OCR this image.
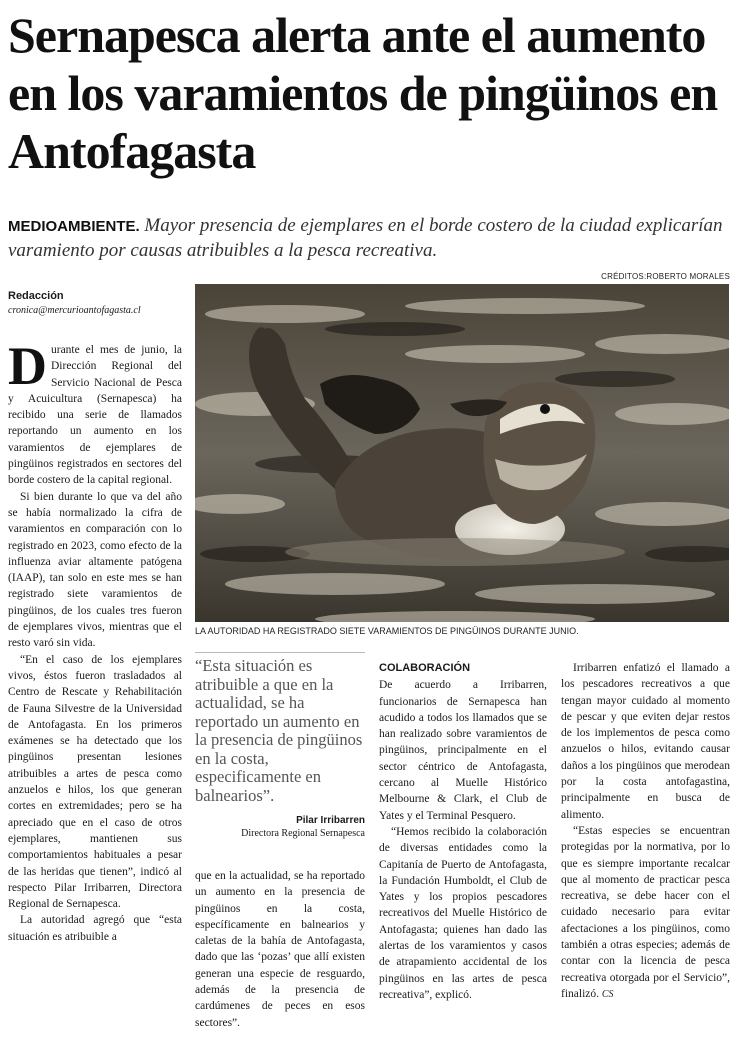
Sernapesca alerta ante el aumento en los varamientos de pingüinos en Antofagasta
MEDIOAMBIENTE. Mayor presencia de ejemplares en el borde costero de la ciudad explicarían varamiento por causas atribuibles a la pesca recreativa.
CRÉDITOS:ROBERTO MORALES
LA AUTORIDAD HA REGISTRADO SIETE VARAMIENTOS DE PINGÜINOS DURANTE JUNIO.
Redacción
cronica@mercurioantofagasta.cl

D urante el mes de junio, la Dirección Regional del Servicio Nacional de Pesca y Acuicultura (Sernapesca) ha recibido una serie de llamados reportando un aumento en los varamientos de ejemplares de pingüinos registrados en sectores del borde costero de la capital regional.

Si bien durante lo que va del año se había normalizado la cifra de varamientos en comparación con lo registrado en 2023, como efecto de la influenza aviar altamente patógena (IAAP), tan solo en este mes se han registrado siete varamientos de pingüinos, de los cuales tres fueron de ejemplares vivos, mientras que el resto varó sin vida.

“En el caso de los ejemplares vivos, éstos fueron trasladados al Centro de Rescate y Rehabilitación de Fauna Silvestre de la Universidad de Antofagasta. En los primeros exámenes se ha detectado que los pingüinos presentan lesiones atribuibles a artes de pesca como anzuelos e hilos, los que generan cortes en extremidades; pero se ha apreciado que en el caso de otros ejemplares, mantienen sus comportamientos habituales a pesar de las heridas que tienen”, indicó al respecto Pilar Irribarren, Directora Regional de Sernapesca.

La autoridad agregó que “esta situación es atribuible a

“Esta situación es atribuible a que en la actualidad, se ha reportado un aumento en la presencia de pingüinos en la costa, especificamente en balnearios”.
Pilar Irribarren
Directora Regional Sernapesca

que en la actualidad, se ha reportado un aumento en la presencia de pingüinos en la costa, específicamente en balnearios y caletas de la bahía de Antofagasta, dado que las ‘pozas’ que allí existen generan una especie de resguardo, además de la presencia de cardúmenes de peces en esos sectores”.

COLABORACIÓN

De acuerdo a Irribarren, funcionarios de Sernapesca han acudido a todos los llamados que se han realizado sobre varamientos de pingüinos, principalmente en el sector céntrico de Antofagasta, cercano al Muelle Histórico Melbourne & Clark, el Club de Yates y el Terminal Pesquero.

“Hemos recibido la colaboración de diversas entidades como la Capitanía de Puerto de Antofagasta, la Fundación Humboldt, el Club de Yates y los propios pescadores recreativos del Muelle Histórico de Antofagasta; quienes han dado las alertas de los varamientos y casos de atrapamiento accidental de los pingüinos en las artes de pesca recreativa”, explicó.

Irribarren enfatizó el llamado a los pescadores recreativos a que tengan mayor cuidado al momento de pescar y que eviten dejar restos de los implementos de pesca como anzuelos o hilos, evitando causar daños a los pingüinos que merodean por la costa antofagastina, principalmente en busca de alimento.

“Estas especies se encuentran protegidas por la normativa, por lo que es siempre importante recalcar que al momento de practicar pesca recreativa, se debe hacer con el cuidado necesario para evitar afectaciones a los pingüinos, como también a otras especies; además de contar con la licencia de pesca recreativa otorgada por el Servicio”, finalizó. CS
